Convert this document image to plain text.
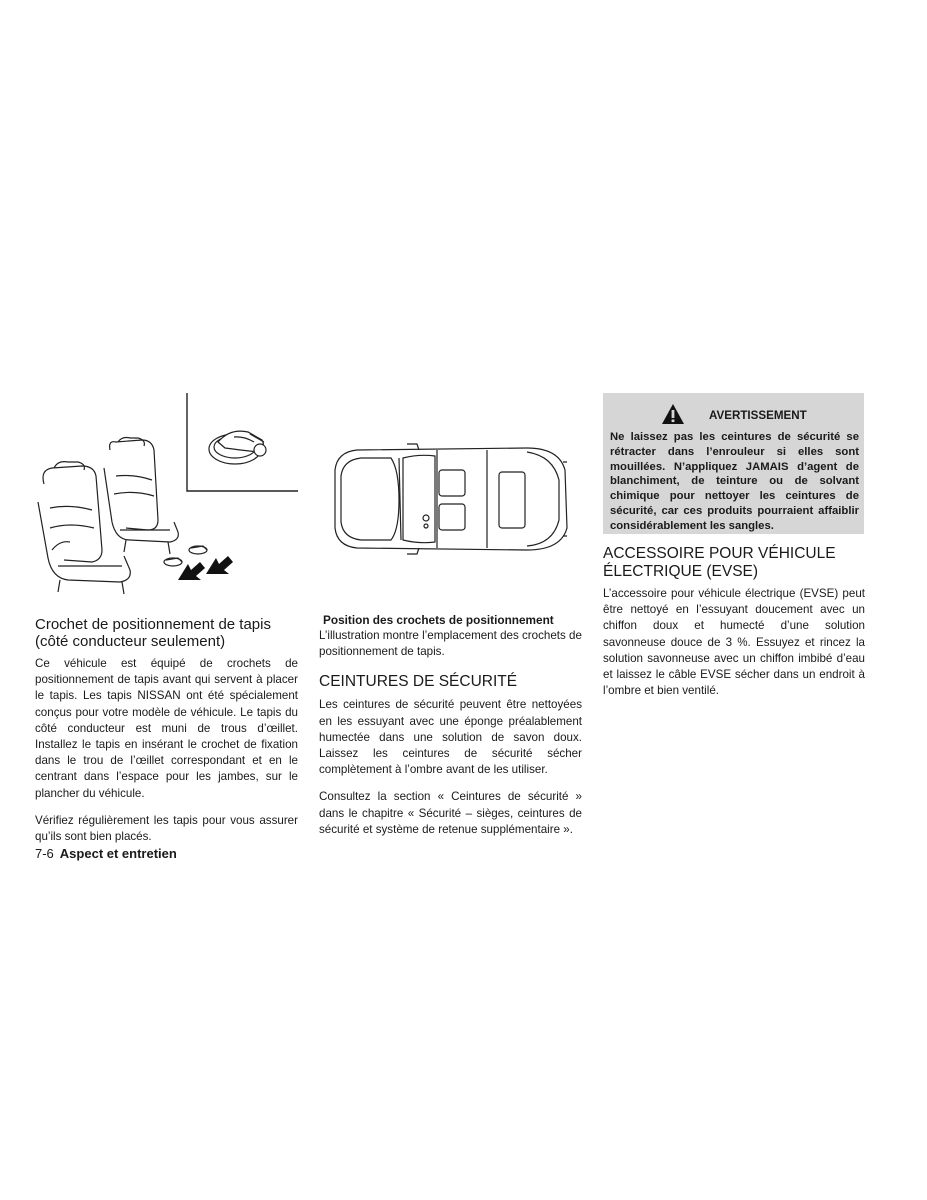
Crochet de positionnement de tapis (côté conducteur seulement)

Ce véhicule est équipé de crochets de positionnement de tapis avant qui servent à placer le tapis. Les tapis NISSAN ont été spécialement conçus pour votre modèle de véhicule. Le tapis du côté conducteur est muni de trous d’œillet. Installez le tapis en insérant le crochet de fixation dans le trou de l’œillet correspondant et en le centrant dans l’espace pour les jambes, sur le plancher du véhicule.

Vérifiez régulièrement les tapis pour vous assurer qu’ils sont bien placés.

Position des crochets de positionnement

L’illustration montre l’emplacement des crochets de positionnement de tapis.

CEINTURES DE SÉCURITÉ

Les ceintures de sécurité peuvent être nettoyées en les essuyant avec une éponge préalablement humectée dans une solution de savon doux. Laissez les ceintures de sécurité sécher complètement à l’ombre avant de les utiliser.

Consultez la section « Ceintures de sécurité » dans le chapitre « Sécurité – sièges, ceintures de sécurité et système de retenue supplémentaire ».

AVERTISSEMENT

Ne laissez pas les ceintures de sécurité se rétracter dans l’enrouleur si elles sont mouillées. N’appliquez JAMAIS d’agent de blanchiment, de teinture ou de solvant chimique pour nettoyer les ceintures de sécurité, car ces produits pourraient affaiblir considérablement les sangles.

ACCESSOIRE POUR VÉHICULE ÉLECTRIQUE (EVSE)

L’accessoire pour véhicule électrique (EVSE) peut être nettoyé en l’essuyant doucement avec un chiffon doux et humecté d’une solution savonneuse douce de 3 %. Essuyez et rincez la solution savonneuse avec un chiffon imbibé d’eau et laissez le câble EVSE sécher dans un endroit à l’ombre et bien ventilé.

7-6 Aspect et entretien
